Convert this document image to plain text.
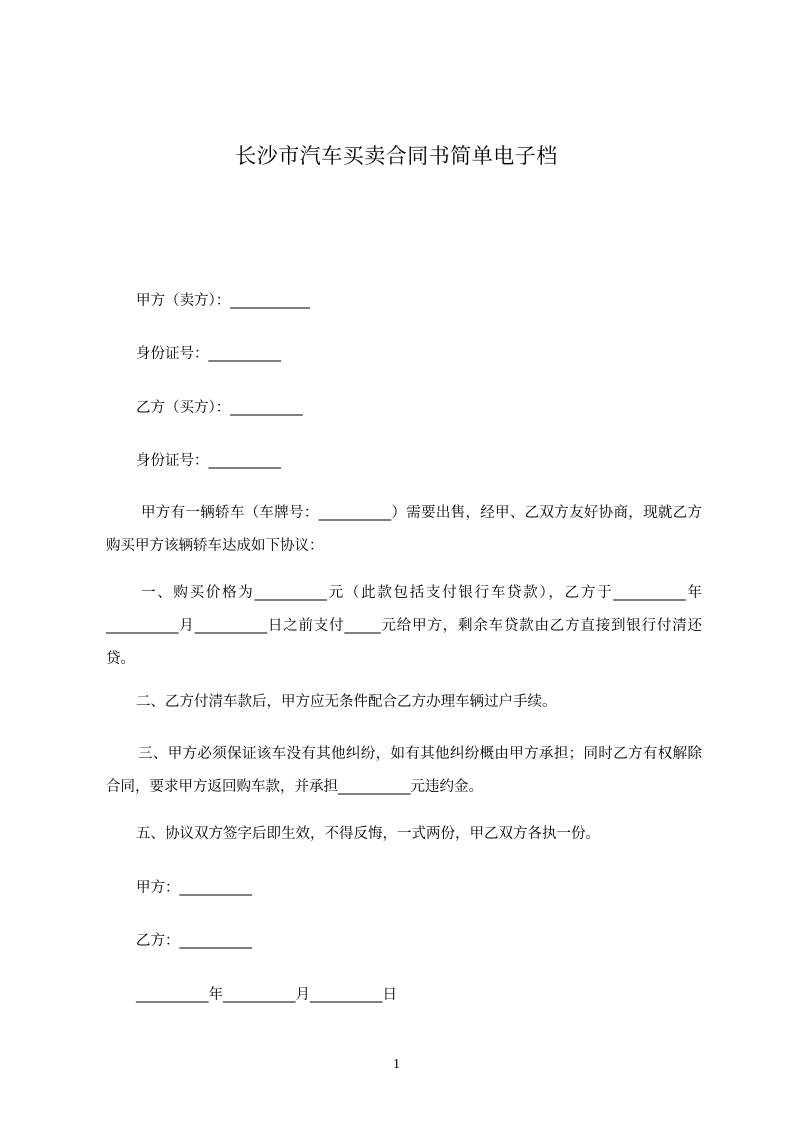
长沙市汽车买卖合同书简单电子档
甲方（卖方）：___________
身份证号：__________
乙方（买方）：__________
身份证号：__________
甲方有一辆轿车（车牌号：__________）需要出售，经甲、乙双方友好协商，现就乙方购买甲方该辆轿车达成如下协议：
一、购买价格为__________元（此款包括支付银行车贷款），乙方于__________年__________月__________日之前支付_____元给甲方，剩余车贷款由乙方直接到银行付清还贷。
二、乙方付清车款后，甲方应无条件配合乙方办理车辆过户手续。
三、甲方必须保证该车没有其他纠纷，如有其他纠纷概由甲方承担；同时乙方有权解除合同，要求甲方返回购车款，并承担__________元违约金。
五、协议双方签字后即生效，不得反悔，一式两份，甲乙双方各执一份。
甲方：__________
乙方：__________
__________年__________月__________日
1
